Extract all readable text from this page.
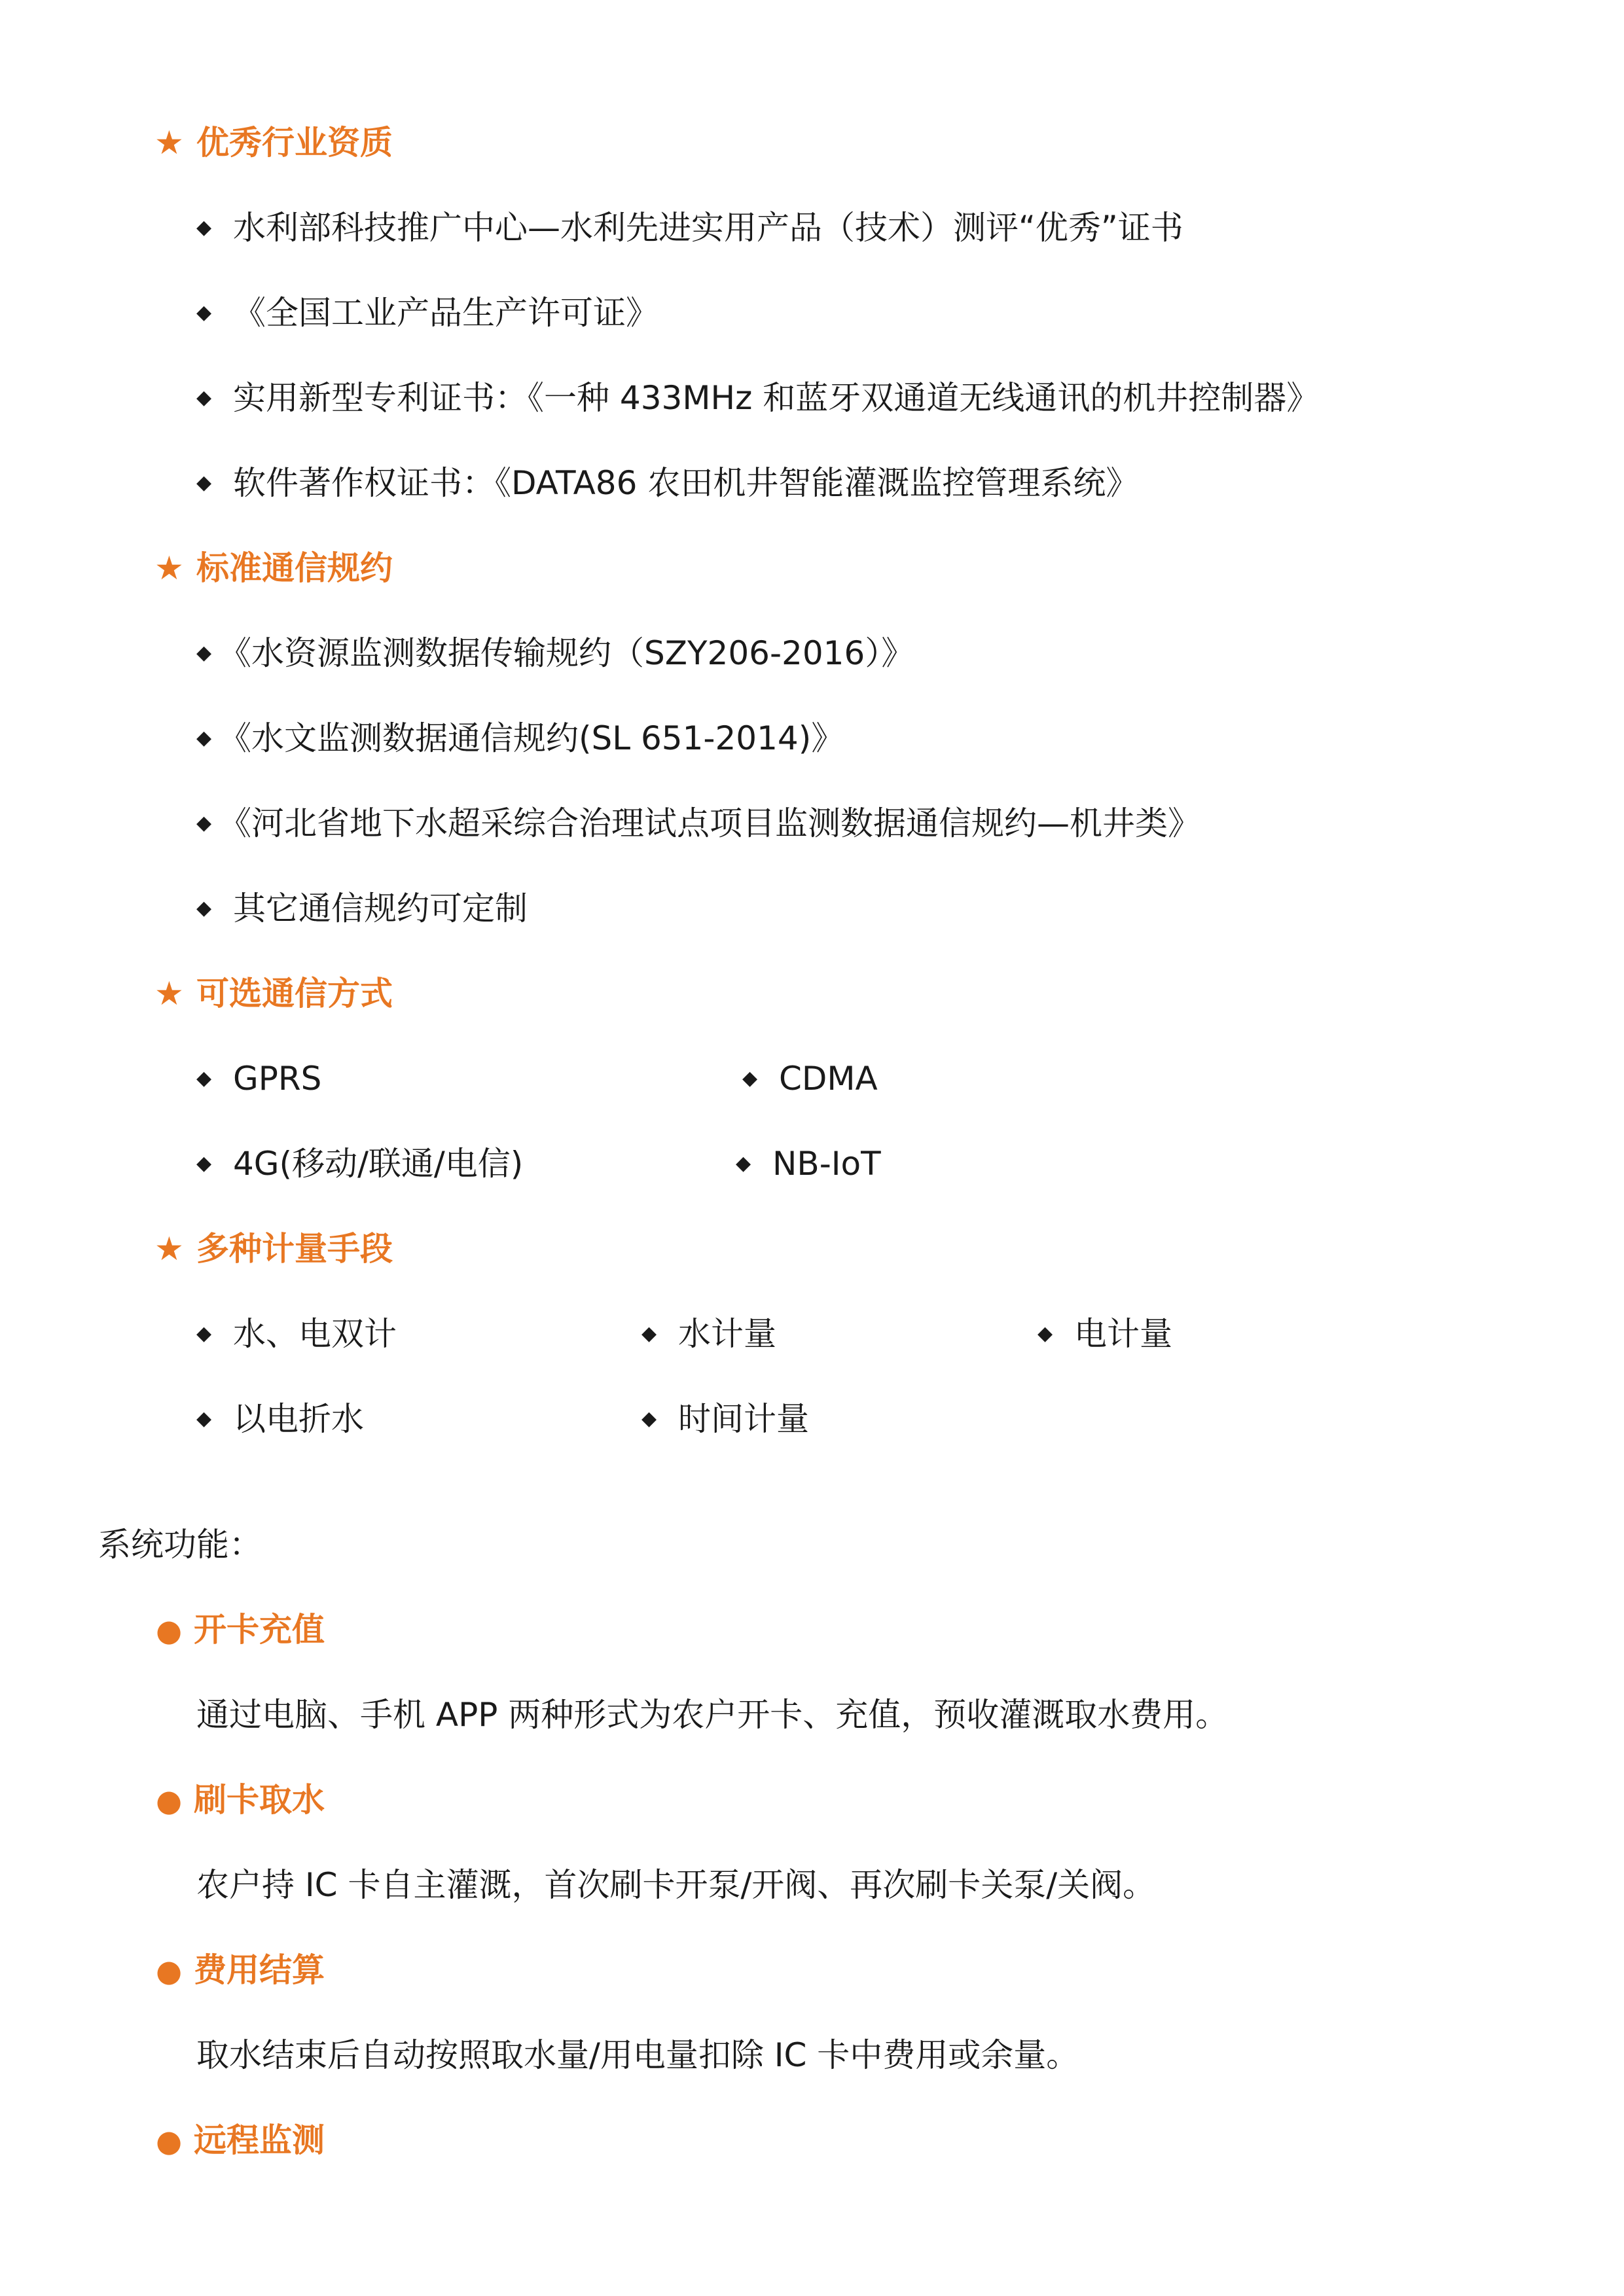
★ 优秀行业资质
◆ 水利部科技推广中心—水利先进实用产品（技术）测评“优秀”证书
◆ 《全国工业产品生产许可证》
◆ 实用新型专利证书：《一种 433MHz 和蓝牙双通道无线通讯的机井控制器》
◆ 软件著作权证书：《DATA86 农田机井智能灌溉监控管理系统》
★ 标准通信规约
◆ 《水资源监测数据传输规约（SZY206-2016）》
◆ 《水文监测数据通信规约(SL 651-2014)》
◆ 《河北省地下水超采综合治理试点项目监测数据通信规约—机井类》
◆ 其它通信规约可定制
★ 可选通信方式
◆ GPRS	◆ CDMA
◆ 4G(移动/联通/电信)	◆ NB-IoT
★ 多种计量手段
◆ 水、电双计	◆ 水计量	◆ 电计量
◆ 以电折水	◆ 时间计量
系统功能：
● 开卡充值
通过电脑、手机 APP 两种形式为农户开卡、充值，预收灌溉取水费用。
● 刷卡取水
农户持 IC 卡自主灌溉，首次刷卡开泵/开阀、再次刷卡关泵/关阀。
● 费用结算
取水结束后自动按照取水量/用电量扣除 IC 卡中费用或余量。
● 远程监测
